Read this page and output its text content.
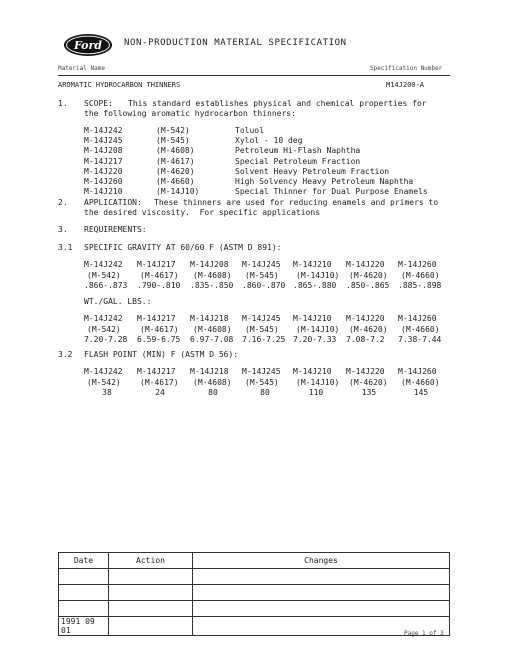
Ford NON-PRODUCTION MATERIAL SPECIFICATION
Material Name	Specification Number
AROMATIC HYDROCARBON THINNERS	M14J200-A
1. SCOPE: This standard establishes physical and chemical properties for
the following aromatic hydrocarbon thinners:
M-14J242	(M-542)	Toluol
M-14J245	(M-545)	Xylol - 10 deg
M-14J208	(M-4608)	Petroleum Hi-Flash Naphtha
M-14J217	(M-4617)	Special Petroleum Fraction
M-14J220	(M-4620)	Solvent Heavy Petroleum Fraction
M-14J260	(M-4660)	High Solvency Heavy Petroleum Naphtha
M-14J210	(M-14J10)	Special Thinner for Dual Purpose Enamels
2. APPLICATION: These thinners are used for reducing enamels and primers to
the desired viscosity.  For specific applications
3. REQUIREMENTS:
3.1 SPECIFIC GRAVITY AT 60/60 F (ASTM D 891):
M-14J242 M-14J217 M-14J208 M-14J245 M-14J210 M-14J220 M-14J260
(M-542) (M-4617) (M-4608) (M-545) (M-14J10) (M-4620) (M-4660)
.866-.873 .790-.810 .835-.850 .860-.870 .865-.880 .850-.865 .885-.898
WT./GAL. LBS.:
M-14J242 M-14J217 M-14J218 M-14J245 M-14J210 M-14J220 M-14J260
(M-542) (M-4617) (M-4608) (M-545) (M-14J10) (M-4620) (M-4660)
7.20-7.28 6.59-6.75 6.97-7.08 7.16-7.25 7.20-7.33 7.08-7.2 7.38-7.44
3.2 FLASH POINT (MIN) F (ASTM D 56):
M-14J242 M-14J217 M-14J218 M-14J245 M-14J210 M-14J220 M-14J260
(M-542) (M-4617) (M-4608) (M-545) (M-14J10) (M-4620) (M-4660)
38	24	80	80	110	135	145
Date	Action	Changes

1991 09 01			Page 1 of 3
